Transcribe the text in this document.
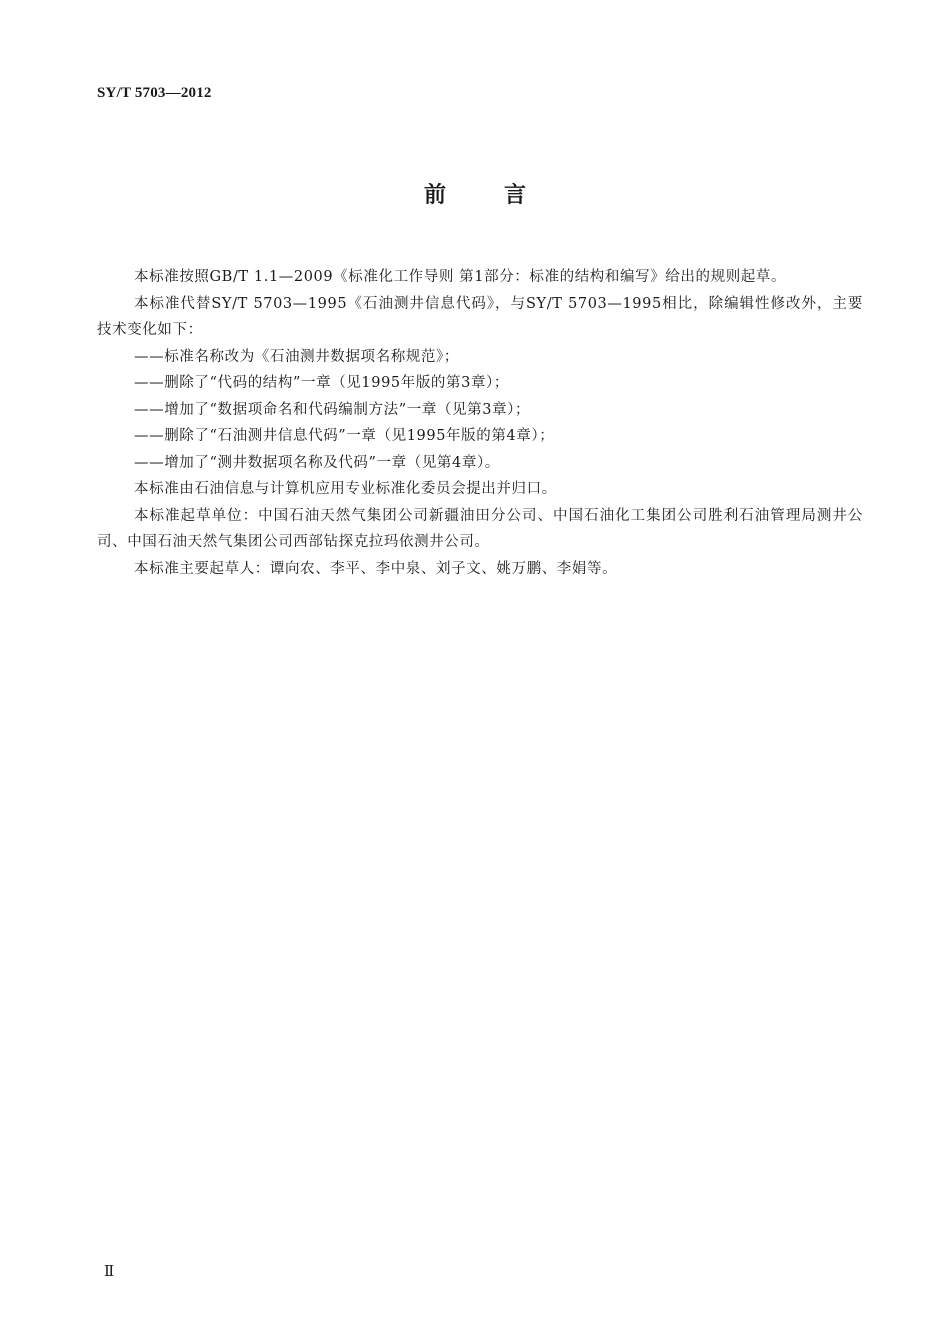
SY/T 5703—2012
前言

本标准按照GB/T 1.1—2009《标准化工作导则 第1部分：标准的结构和编写》给出的规则起草。

本标准代替SY/T 5703—1995《石油测井信息代码》，与SY/T 5703—1995相比，除编辑性修改外，主要技术变化如下：

——标准名称改为《石油测井数据项名称规范》；

——删除了“代码的结构”一章（见1995年版的第3章）；

——增加了“数据项命名和代码编制方法”一章（见第3章）；

——删除了“石油测井信息代码”一章（见1995年版的第4章）；

——增加了“测井数据项名称及代码”一章（见第4章）。

本标准由石油信息与计算机应用专业标准化委员会提出并归口。

本标准起草单位：中国石油天然气集团公司新疆油田分公司、中国石油化工集团公司胜利石油管理局测井公司、中国石油天然气集团公司西部钻探克拉玛依测井公司。

本标准主要起草人：谭向农、李平、李中泉、刘子文、姚万鹏、李娟等。

Ⅱ
